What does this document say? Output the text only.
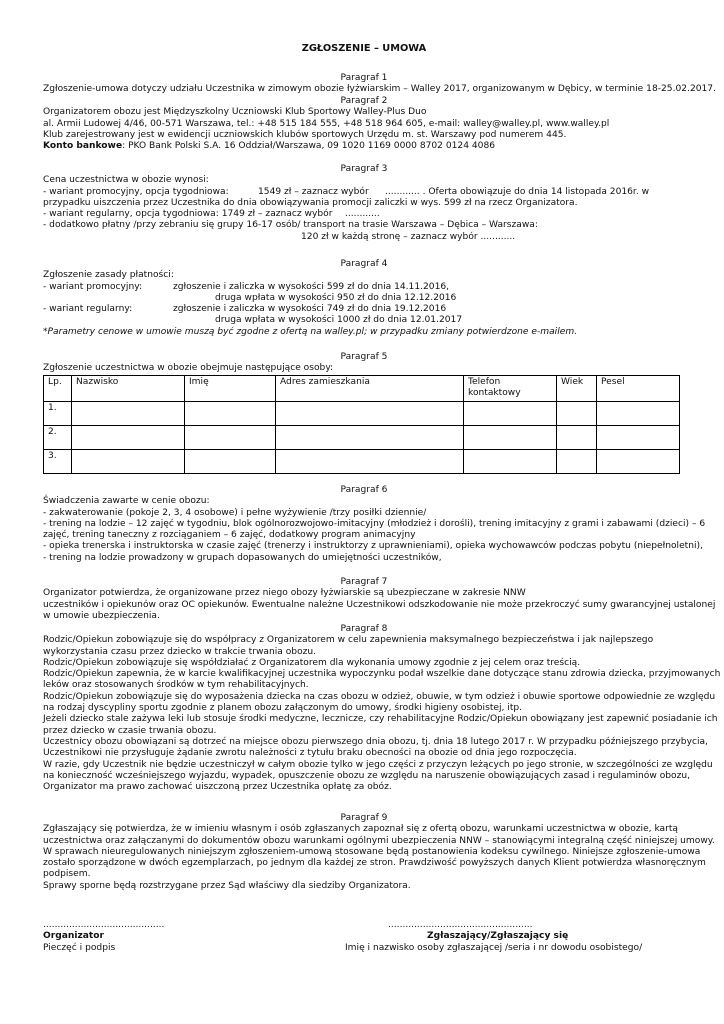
ZGŁOSZENIE – UMOWA
Paragraf 1
Zgłoszenie-umowa dotyczy udziału Uczestnika w zimowym obozie łyżwiarskim – Walley 2017, organizowanym w Dębicy, w terminie 18-25.02.2017.
Paragraf 2
Organizatorem obozu jest Międzyszkolny Uczniowski Klub Sportowy Walley-Plus Duo
al. Armii Ludowej 4/46, 00-571 Warszawa, tel.: +48 515 184 555, +48 518 964 605, e-mail: walley@walley.pl, www.walley.pl
Klub zarejestrowany jest w ewidencji uczniowskich klubów sportowych Urzędu m. st. Warszawy pod numerem 445.
Konto bankowe: PKO Bank Polski S.A. 16 Oddział/Warszawa, 09 1020 1169 0000 8702 0124 4086
Paragraf 3
Cena uczestnictwa w obozie wynosi:
- wariant promocyjny, opcja tygodniowa:	1549 zł – zaznacz wybór ............ . Oferta obowiązuje do dnia 14 listopada 2016r. w
przypadku uiszczenia przez Uczestnika do dnia obowiązywania promocji zaliczki w wys. 599 zł na rzecz Organizatora.
- wariant regularny, opcja tygodniowa: 1749 zł – zaznacz wybór ............
- dodatkowo płatny /przy zebraniu się grupy 16-17 osób/ transport na trasie Warszawa – Dębica – Warszawa:
120 zł w każdą stronę – zaznacz wybór ............
Paragraf 4
Zgłoszenie zasady płatności:
- wariant promocyjny:	zgłoszenie i zaliczka w wysokości 599 zł do dnia 14.11.2016,
druga wpłata w wysokości 950 zł do dnia 12.12.2016
- wariant regularny:	zgłoszenie i zaliczka w wysokości 749 zł do dnia 19.12.2016
druga wpłata w wysokości 1000 zł do dnia 12.01.2017
*Parametry cenowe w umowie muszą być zgodne z ofertą na walley.pl; w przypadku zmiany potwierdzone e-mailem.
Paragraf 5
Zgłoszenie uczestnictwa w obozie obejmuje następujące osoby:
Lp.	Nazwisko	Imię	Adres zamieszkania	Telefon kontaktowy	Wiek	Pesel
1.						
2.						
3.						
Paragraf 6
Świadczenia zawarte w cenie obozu:
- zakwaterowanie (pokoje 2, 3, 4 osobowe) i pełne wyżywienie /trzy posiłki dziennie/
- trening na lodzie – 12 zajęć w tygodniu, blok ogólnorozwojowo-imitacyjny (młodzież i dorośli), trening imitacyjny z grami i zabawami (dzieci) – 6
zajęć, trening taneczny z rozciąganiem – 6 zajęć, dodatkowy program animacyjny
- opieka trenerska i instruktorska w czasie zajęć (trenerzy i instruktorzy z uprawnieniami), opieka wychowawców podczas pobytu (niepełnoletni),
- trening na lodzie prowadzony w grupach dopasowanych do umiejętności uczestników,
Paragraf 7
Organizator potwierdza, że organizowane przez niego obozy łyżwiarskie są ubezpieczane w zakresie NNW
uczestników i opiekunów oraz OC opiekunów. Ewentualne należne Uczestnikowi odszkodowanie nie może przekroczyć sumy gwarancyjnej ustalonej
w umowie ubezpieczenia.
Paragraf 8
Rodzic/Opiekun zobowiązuje się do współpracy z Organizatorem w celu zapewnienia maksymalnego bezpieczeństwa i jak najlepszego
wykorzystania czasu przez dziecko w trakcie trwania obozu.
Rodzic/Opiekun zobowiązuje się współdziałać z Organizatorem dla wykonania umowy zgodnie z jej celem oraz treścią.
Rodzic/Opiekun zapewnia, że w karcie kwalifikacyjnej uczestnika wypoczynku podał wszelkie dane dotyczące stanu zdrowia dziecka, przyjmowanych
leków oraz stosowanych środków w tym rehabilitacyjnych.
Rodzic/Opiekun zobowiązuje się do wyposażenia dziecka na czas obozu w odzież, obuwie, w tym odzież i obuwie sportowe odpowiednie ze względu
na rodzaj dyscypliny sportu zgodnie z planem obozu załączonym do umowy, środki higieny osobistej, itp.
Jeżeli dziecko stale zażywa leki lub stosuje środki medyczne, lecznicze, czy rehabilitacyjne Rodzic/Opiekun obowiązany jest zapewnić posiadanie ich
przez dziecko w czasie trwania obozu.
Uczestnicy obozu obowiązani są dotrzeć na miejsce obozu pierwszego dnia obozu, tj. dnia 18 lutego 2017 r. W przypadku późniejszego przybycia,
Uczestnikowi nie przysługuje żądanie zwrotu należności z tytułu braku obecności na obozie od dnia jego rozpoczęcia.
W razie, gdy Uczestnik nie będzie uczestniczył w całym obozie tylko w jego części z przyczyn leżących po jego stronie, w szczególności ze względu
na konieczność wcześniejszego wyjazdu, wypadek, opuszczenie obozu ze względu na naruszenie obowiązujących zasad i regulaminów obozu,
Organizator ma prawo zachować uiszczoną przez Uczestnika opłatę za obóz.
Paragraf 9
Zgłaszający się potwierdza, że w imieniu własnym i osób zgłaszanych zapoznał się z ofertą obozu, warunkami uczestnictwa w obozie, kartą
uczestnictwa oraz załączanymi do dokumentów obozu warunkami ogólnymi ubezpieczenia NNW – stanowiącymi integralną część niniejszej umowy.
W sprawach nieuregulowanych niniejszym zgłoszeniem-umową stosowane będą postanowienia kodeksu cywilnego. Niniejsze zgłoszenie-umowa
zostało sporządzone w dwóch egzemplarzach, po jednym dla każdej ze stron. Prawdziwość powyższych danych Klient potwierdza własnoręcznym
podpisem.
Sprawy sporne będą rozstrzygane przez Sąd właściwy dla siedziby Organizatora.
..........................................
Organizator
Pieczęć i podpis
..................................................
Zgłaszający/Zgłaszający się
Imię i nazwisko osoby zgłaszającej /seria i nr dowodu osobistego/
